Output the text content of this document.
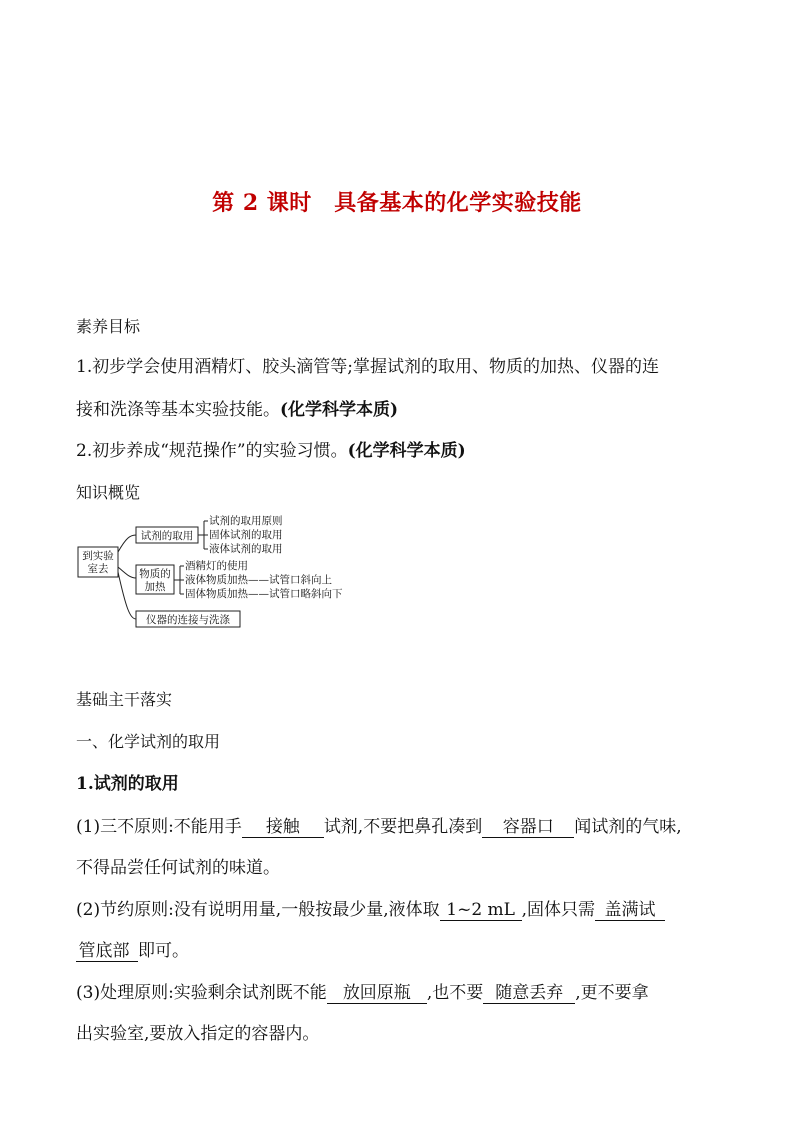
第 2 课时　具备基本的化学实验技能
素养目标
1.初步学会使用酒精灯、胶头滴管等;掌握试剂的取用、物质的加热、仪器的连
接和洗涤等基本实验技能。(化学科学本质)
2.初步养成“规范操作”的实验习惯。(化学科学本质)
知识概览
到实验
室去
试剂的取用
试剂的取用原则
固体试剂的取用
液体试剂的取用
物质的
加热
酒精灯的使用
液体物质加热——试管口斜向上
固体物质加热——试管口略斜向下
仪器的连接与洗涤
基础主干落实
一、化学试剂的取用
1.试剂的取用
(1)三不原则:不能用手 接触 试剂,不要把鼻孔凑到 容器口 闻试剂的气味,
不得品尝任何试剂的味道。
(2)节约原则:没有说明用量,一般按最少量,液体取 1~2 mL ,固体只需 盖满试
管底部 即可。
(3)处理原则:实验剩余试剂既不能 放回原瓶 ,也不要 随意丢弃 ,更不要拿
出实验室,要放入指定的容器内。
